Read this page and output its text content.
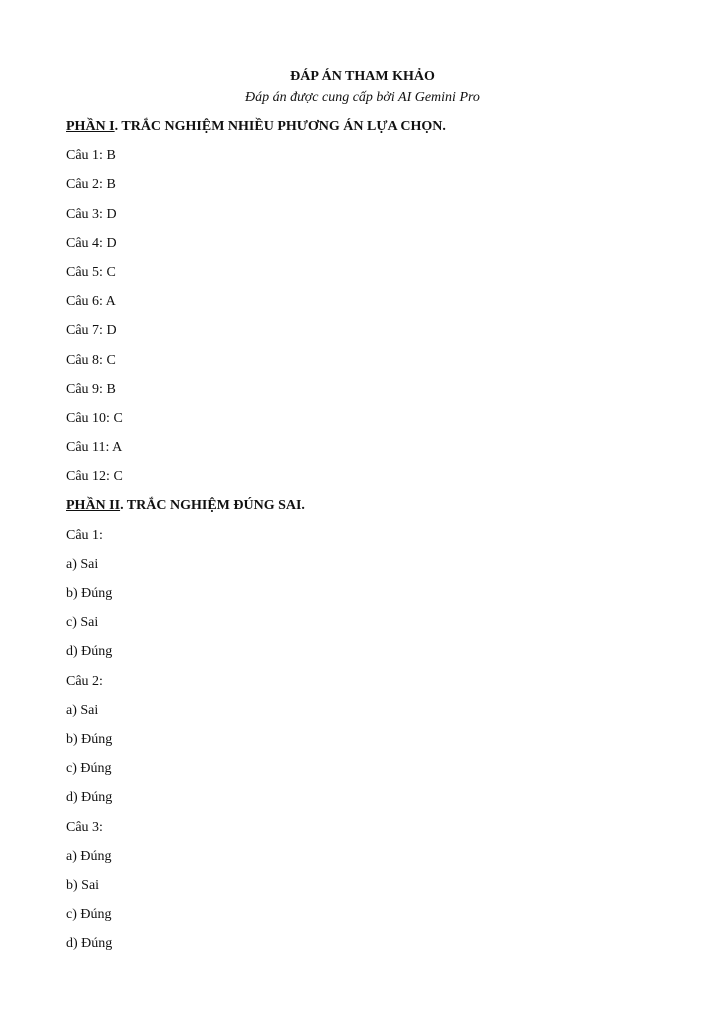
ĐÁP ÁN THAM KHẢO
Đáp án được cung cấp bởi AI Gemini Pro
PHẦN I. TRẮC NGHIỆM NHIỀU PHƯƠNG ÁN LỰA CHỌN.
Câu 1: B
Câu 2: B
Câu 3: D
Câu 4: D
Câu 5: C
Câu 6: A
Câu 7: D
Câu 8: C
Câu 9: B
Câu 10: C
Câu 11: A
Câu 12: C
PHẦN II. TRẮC NGHIỆM ĐÚNG SAI.
Câu 1:
a) Sai
b) Đúng
c) Sai
d) Đúng
Câu 2:
a) Sai
b) Đúng
c) Đúng
d) Đúng
Câu 3:
a) Đúng
b) Sai
c) Đúng
d) Đúng
